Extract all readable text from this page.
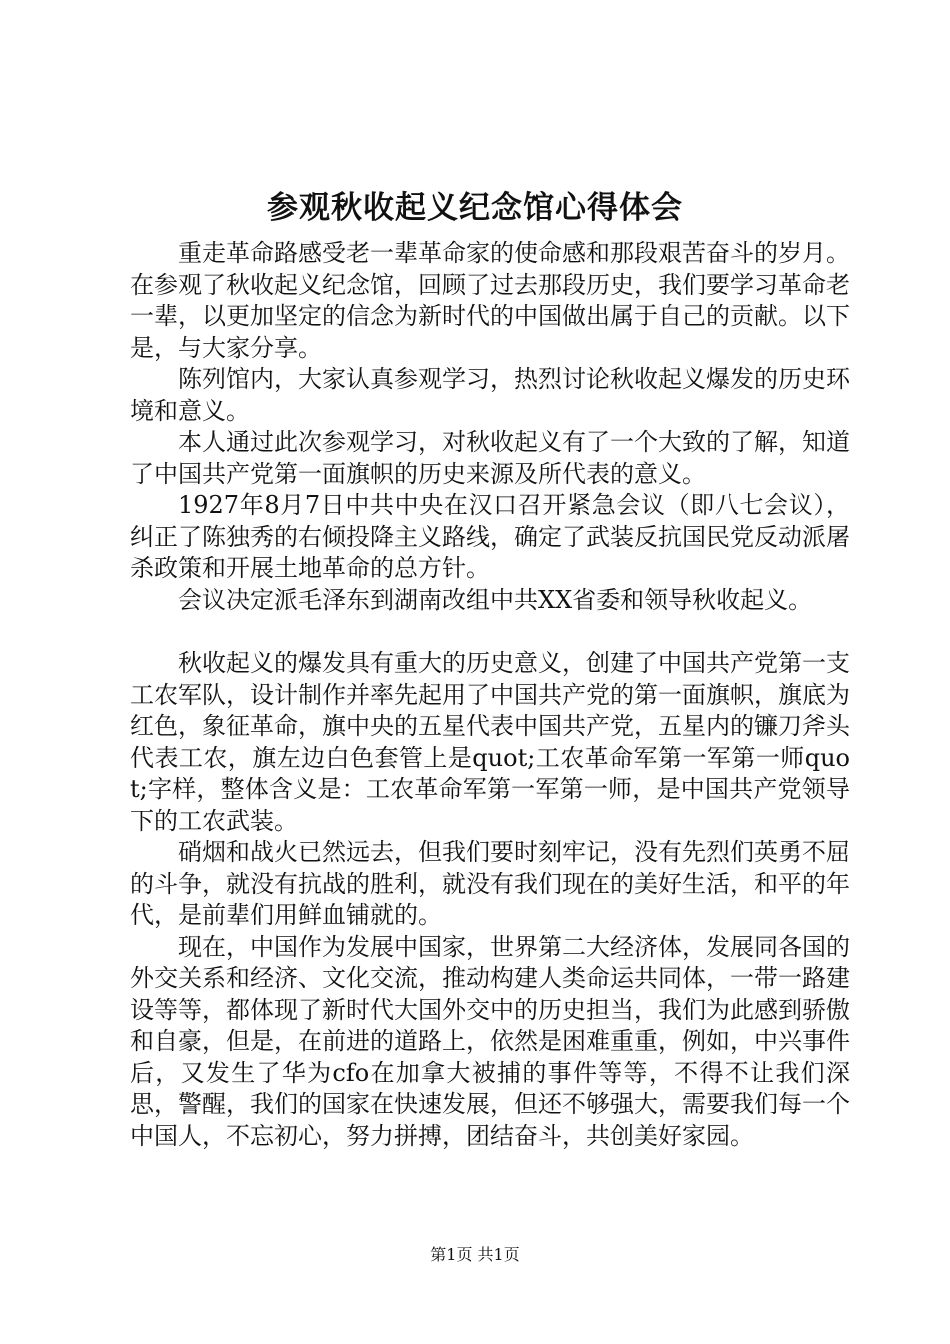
参观秋收起义纪念馆心得体会

重走革命路感受老一辈革命家的使命感和那段艰苦奋斗的岁月。在参观了秋收起义纪念馆，回顾了过去那段历史，我们要学习革命老一辈，以更加坚定的信念为新时代的中国做出属于自己的贡献。以下是，与大家分享。

陈列馆内，大家认真参观学习，热烈讨论秋收起义爆发的历史环境和意义。

本人通过此次参观学习，对秋收起义有了一个大致的了解，知道了中国共产党第一面旗帜的历史来源及所代表的意义。

1927年8月7日中共中央在汉口召开紧急会议（即八七会议），纠正了陈独秀的右倾投降主义路线，确定了武装反抗国民党反动派屠杀政策和开展土地革命的总方针。

会议决定派毛泽东到湖南改组中共XX省委和领导秋收起义。

秋收起义的爆发具有重大的历史意义，创建了中国共产党第一支工农军队，设计制作并率先起用了中国共产党的第一面旗帜，旗底为红色，象征革命，旗中央的五星代表中国共产党，五星内的镰刀斧头代表工农，旗左边白色套管上是quot;工农革命军第一军第一师quot;字样，整体含义是：工农革命军第一军第一师，是中国共产党领导下的工农武装。

硝烟和战火已然远去，但我们要时刻牢记，没有先烈们英勇不屈的斗争，就没有抗战的胜利，就没有我们现在的美好生活，和平的年代，是前辈们用鲜血铺就的。

现在，中国作为发展中国家，世界第二大经济体，发展同各国的外交关系和经济、文化交流，推动构建人类命运共同体，一带一路建设等等，都体现了新时代大国外交中的历史担当，我们为此感到骄傲和自豪，但是，在前进的道路上，依然是困难重重，例如，中兴事件后，又发生了华为cfo在加拿大被捕的事件等等，不得不让我们深思，警醒，我们的国家在快速发展，但还不够强大，需要我们每一个中国人，不忘初心，努力拼搏，团结奋斗，共创美好家园。

第1页 共1页
